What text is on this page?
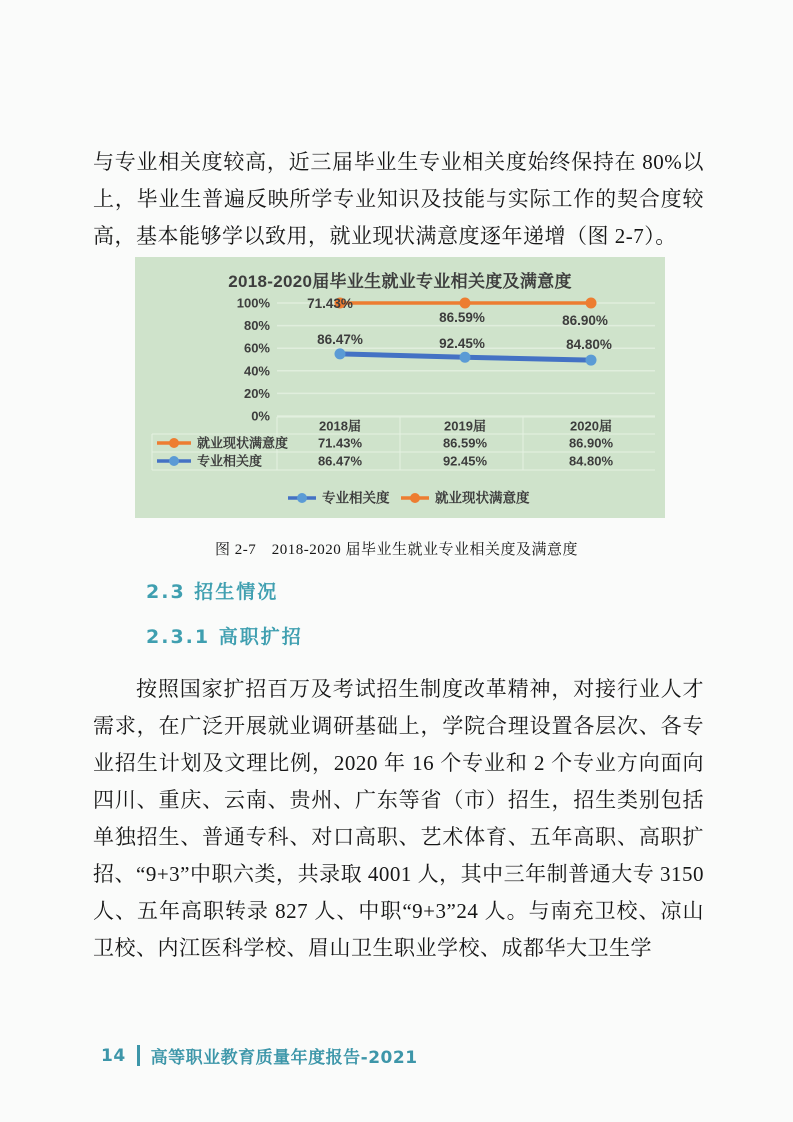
与专业相关度较高，近三届毕业生专业相关度始终保持在 80%以上，毕业生普遍反映所学专业知识及技能与实际工作的契合度较高，基本能够学以致用，就业现状满意度逐年递增（图 2-7）。

2018-2020届毕业生就业专业相关度及满意度
100%
80%
60%
40%
20%
0%
71.43%
86.59%	86.90%
86.47%	92.45%	84.80%
2018届	2019届	2020届
71.43%	86.59%	86.90%
就业现状满意度
86.47%	92.45%	84.80%
专业相关度
专业相关度	就业现状满意度
图 2-7　2018-2020 届毕业生就业专业相关度及满意度
2.3 招生情况
2.3.1 高职扩招

按照国家扩招百万及考试招生制度改革精神，对接行业人才需求，在广泛开展就业调研基础上，学院合理设置各层次、各专业招生计划及文理比例，2020 年 16 个专业和 2 个专业方向面向四川、重庆、云南、贵州、广东等省（市）招生，招生类别包括单独招生、普通专科、对口高职、艺术体育、五年高职、高职扩招、“9+3”中职六类，共录取 4001 人，其中三年制普通大专 3150 人、五年高职转录 827 人、中职“9+3”24 人。与南充卫校、凉山卫校、内江医科学校、眉山卫生职业学校、成都华大卫生学

14 高等职业教育质量年度报告-2021
